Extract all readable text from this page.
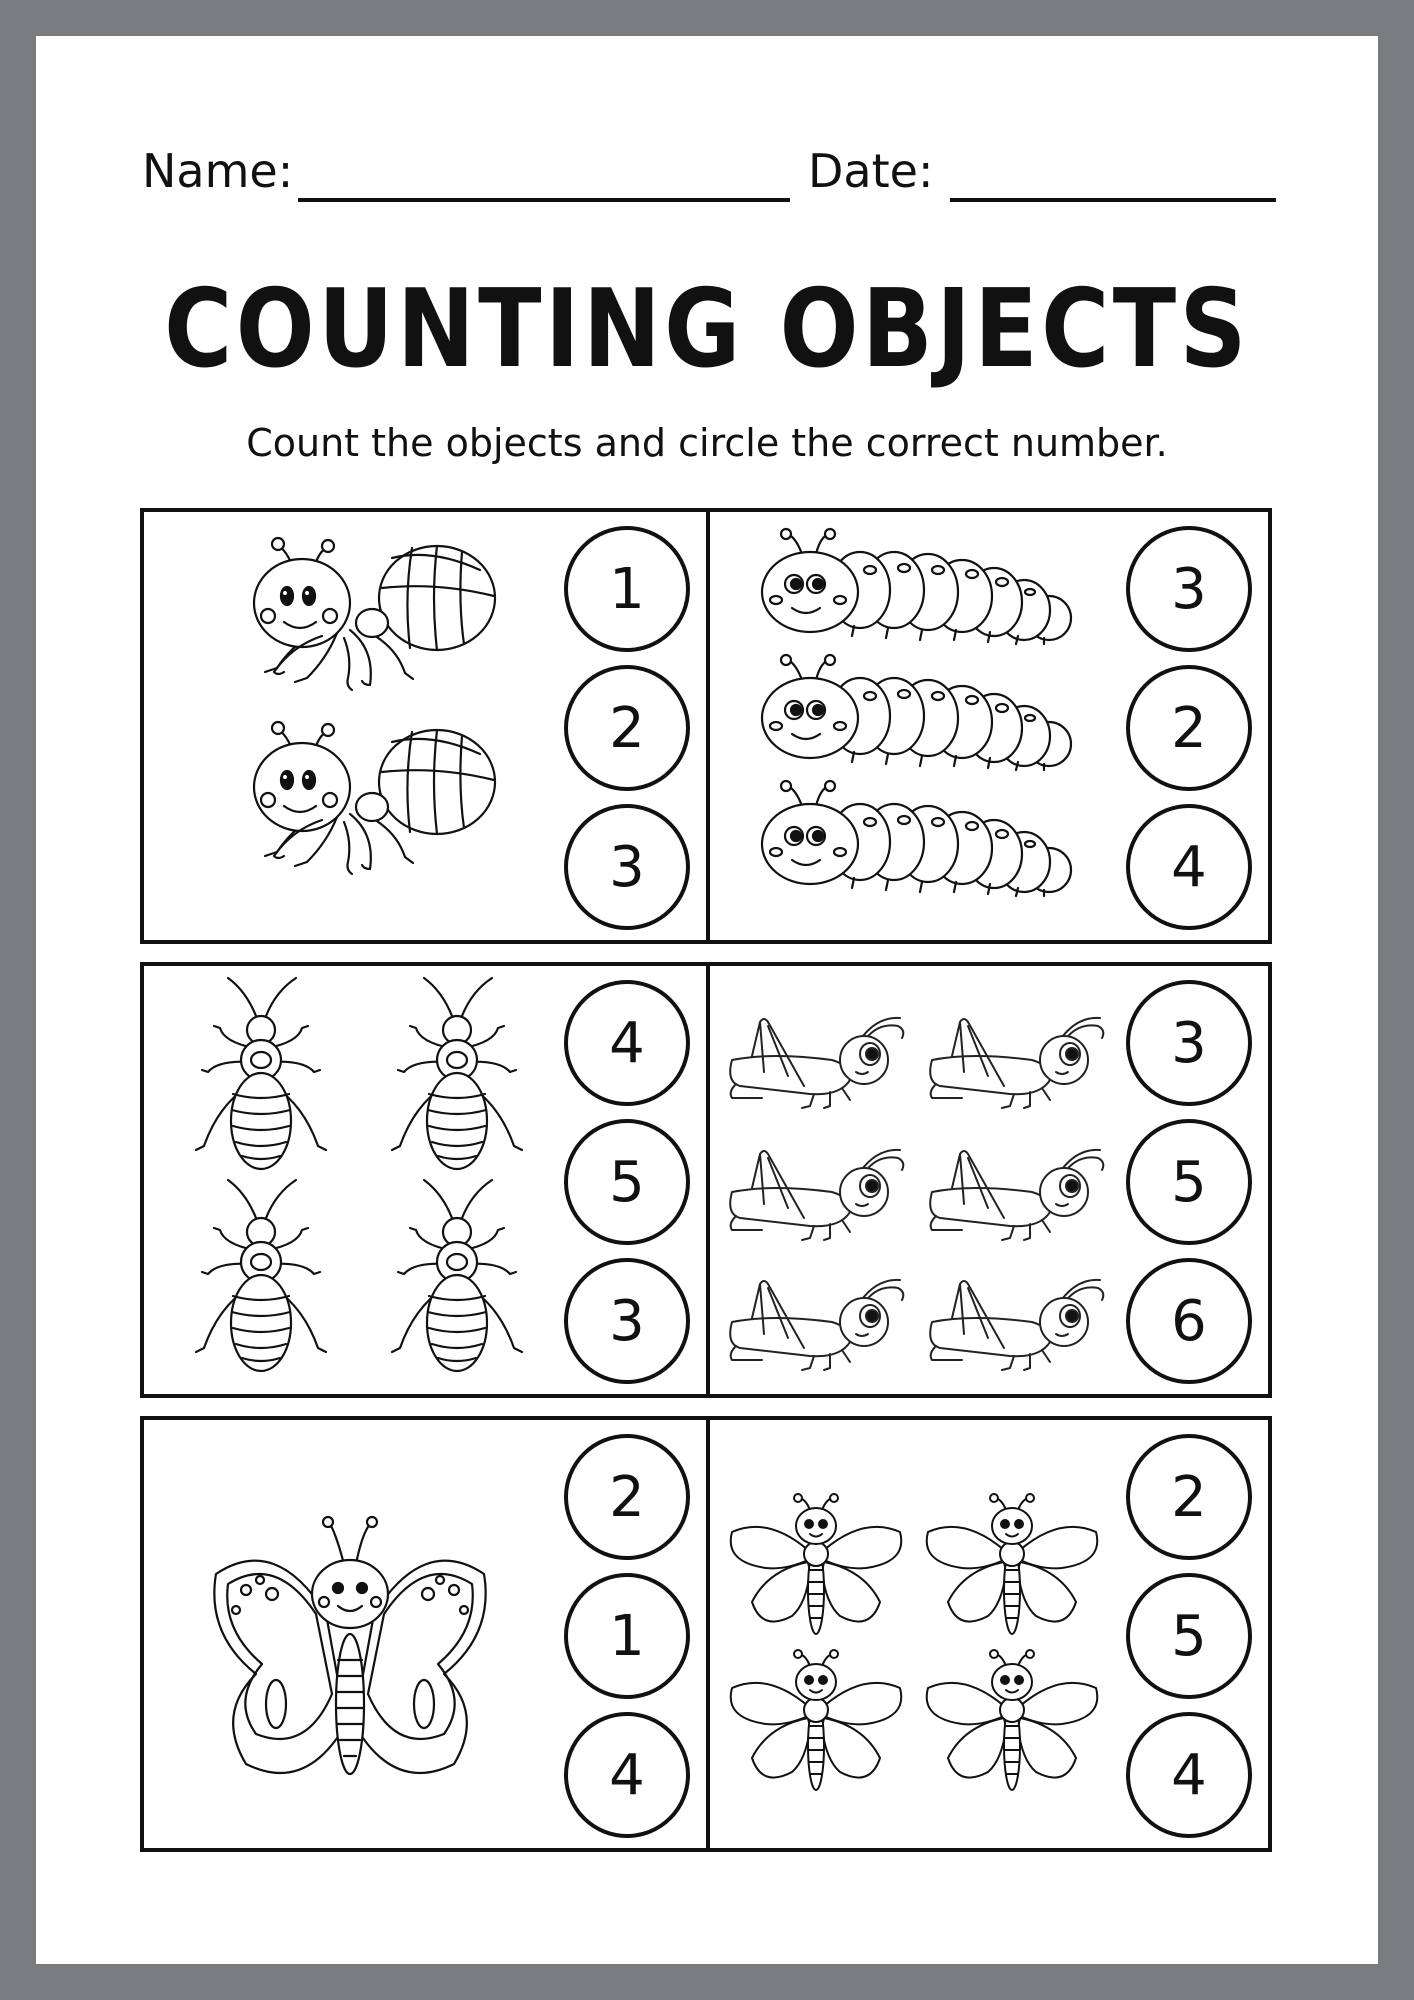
Name:	Date:
COUNTING OBJECTS
Count the objects and circle the correct number.
1
2
3
3
2
4
4
5
3
3
5
6
2
1
4
2
5
4
